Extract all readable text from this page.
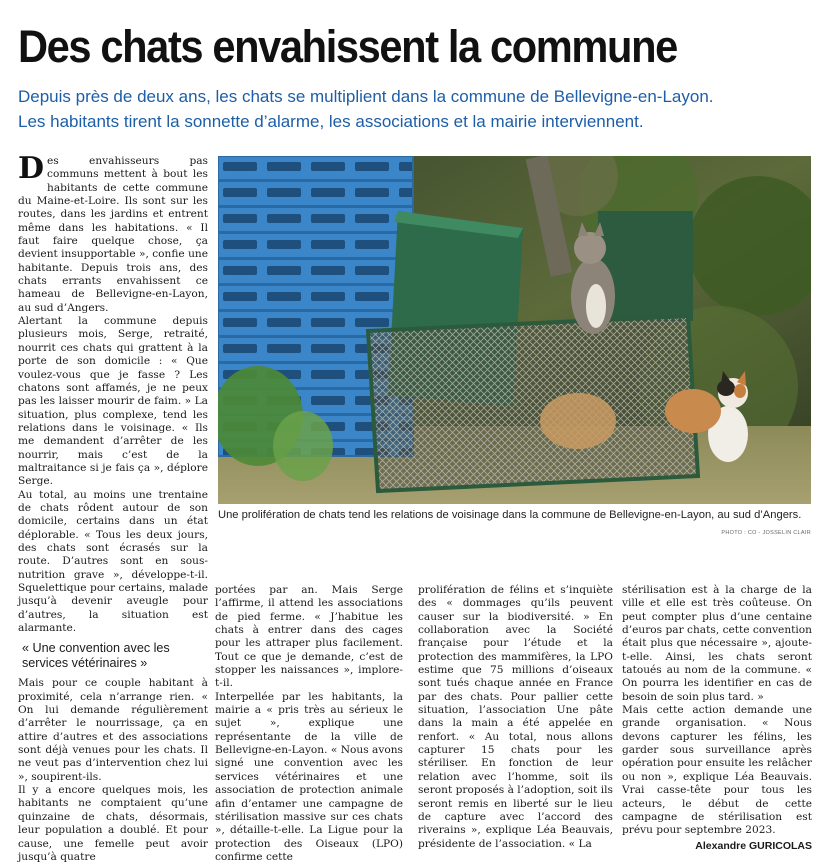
Des chats envahissent la commune

Depuis près de deux ans, les chats se multiplient dans la commune de Bellevigne-en-Layon.

Les habitants tirent la sonnette d’alarme, les associations et la mairie interviennent.

Des envahisseurs pas communs mettent à bout les habitants de cette commune du Maine-et-Loire. Ils sont sur les routes, dans les jardins et entrent même dans les habitations. « Il faut faire quelque chose, ça devient insupportable », confie une habitante. Depuis trois ans, des chats errants envahissent ce hameau de Bellevigne-en-Layon, au sud d’Angers.

Alertant la commune depuis plusieurs mois, Serge, retraité, nourrit ces chats qui grattent à la porte de son domicile : « Que voulez-vous que je fasse ? Les chatons sont affamés, je ne peux pas les laisser mourir de faim. » La situation, plus complexe, tend les relations dans le voisinage. « Ils me demandent d’arrêter de les nourrir, mais c’est de la maltraitance si je fais ça », déplore Serge.

Au total, au moins une trentaine de chats rôdent autour de son domicile, certains dans un état déplorable. « Tous les deux jours, des chats sont écrasés sur la route. D’autres sont en sous-nutrition grave », développe-t-il. Squelettique pour certains, malade jusqu’à devenir aveugle pour d’autres, la situation est alarmante.

« Une convention avec les services vétérinaires »

Mais pour ce couple habitant à proximité, cela n’arrange rien. « On lui demande régulièrement d’arrêter le nourrissage, ça en attire d’autres et des associations sont déjà venues pour les chats. Il ne veut pas d’intervention chez lui », soupirent-ils.

Il y a encore quelques mois, les habitants ne comptaient qu’une quinzaine de chats, désormais, leur population a doublé. Et pour cause, une femelle peut avoir jusqu’à quatre

Une prolifération de chats tend les relations de voisinage dans la commune de Bellevigne-en-Layon, au sud d’Angers.
PHOTO : CO - JOSSELIN CLAIR

portées par an. Mais Serge l’affirme, il attend les associations de pied ferme. « J’habitue les chats à entrer dans des cages pour les attraper plus facilement. Tout ce que je demande, c’est de stopper les naissances », implore-t-il.

Interpellée par les habitants, la mairie a « pris très au sérieux le sujet », explique une représentante de la ville de Bellevigne-en-Layon. « Nous avons signé une convention avec les services vétérinaires et une association de protection animale afin d’entamer une campagne de stérilisation massive sur ces chats », détaille-t-elle. La Ligue pour la protection des Oiseaux (LPO) confirme cette

prolifération de félins et s’inquiète des « dommages qu’ils peuvent causer sur la biodiversité. » En collaboration avec la Société française pour l’étude et la protection des mammifères, la LPO estime que 75 millions d’oiseaux sont tués chaque année en France par des chats. Pour pallier cette situation, l’association Une pâte dans la main a été appelée en renfort. « Au total, nous allons capturer 15 chats pour les stériliser. En fonction de leur relation avec l’homme, soit ils seront proposés à l’adoption, soit ils seront remis en liberté sur le lieu de capture avec l’accord des riverains », explique Léa Beauvais, présidente de l’association. « La

stérilisation est à la charge de la ville et elle est très coûteuse. On peut compter plus d’une centaine d’euros par chats, cette convention était plus que nécessaire », ajoute-t-elle. Ainsi, les chats seront tatoués au nom de la commune. « On pourra les identifier en cas de besoin de soin plus tard. »

Mais cette action demande une grande organisation. « Nous devons capturer les félins, les garder sous surveillance après opération pour ensuite les relâcher ou non », explique Léa Beauvais. Vrai casse-tête pour tous les acteurs, le début de cette campagne de stérilisation est prévu pour septembre 2023.

Alexandre GURICOLAS
